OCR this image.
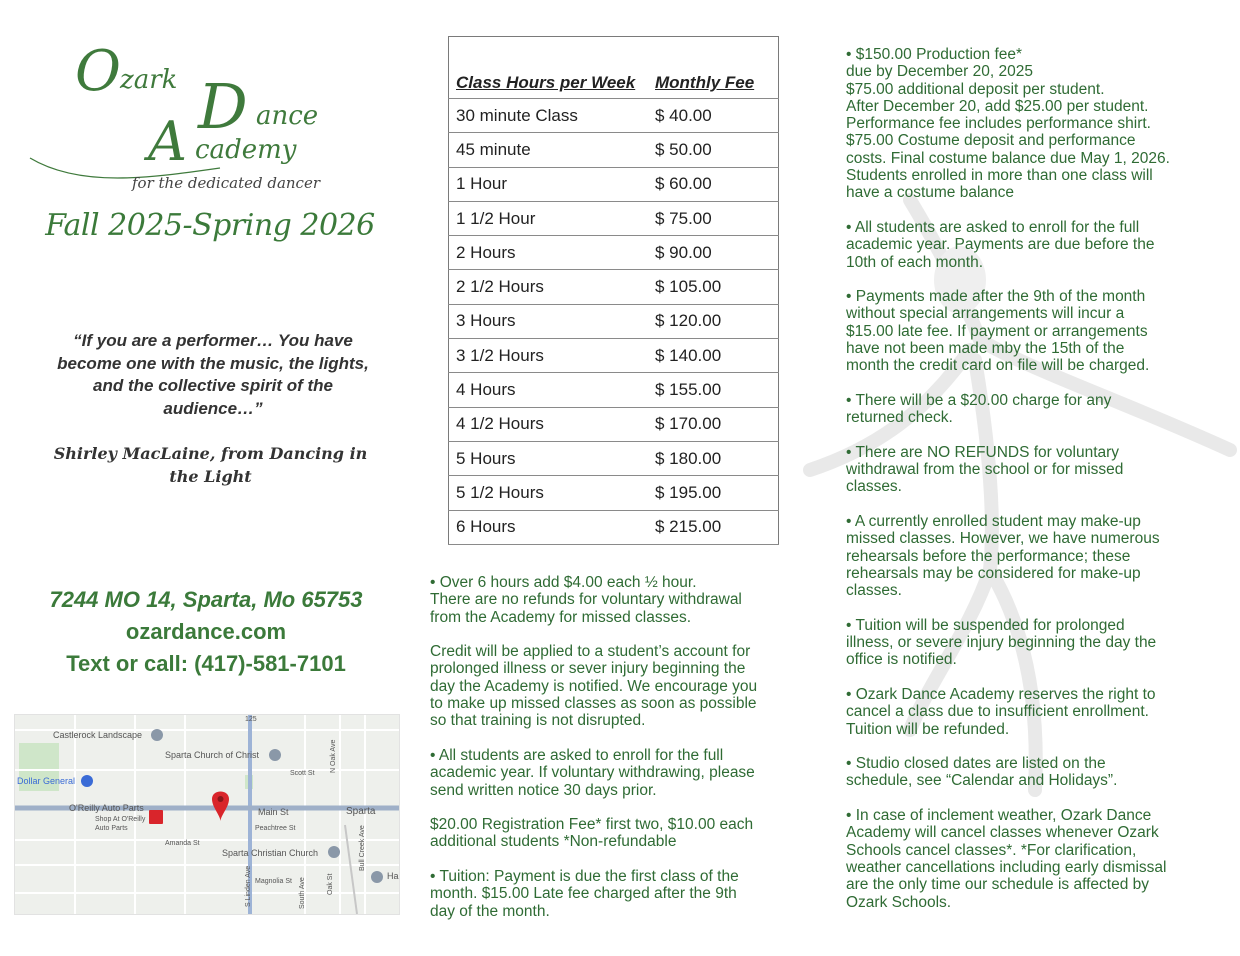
O zark D ance
A cademy
for the dedicated dancer
Fall 2025-Spring 2026
“If you are a performer… You have become one with the music, the lights, and the collective spirit of the audience…”
Shirley MacLaine, from Dancing in the Light
7244 MO 14, Sparta, Mo 65753
ozardance.com
Text or call: (417)-581-7101
Castlerock Landscape
Sparta Church of Christ
Dollar General
O'Reilly Auto Parts
Shop At O'Reilly Auto Parts
Scott St
N Oak Ave
Main St	Sparta
Peachtree St
Amanda St
Sparta Christian Church
Magnolia St
S Linden Ave	South Ave	Oak St
Bull Creek Ave
125
Ha
Class Hours per Week	Monthly Fee
30 minute Class	$ 40.00
45 minute	$ 50.00
1 Hour	$ 60.00
1 1/2 Hour	$ 75.00
2 Hours	$ 90.00
2 1/2 Hours	$ 105.00
3 Hours	$ 120.00
3 1/2 Hours	$ 140.00
4 Hours	$ 155.00
4 1/2 Hours	$ 170.00
5 Hours	$ 180.00
5 1/2 Hours	$ 195.00
6 Hours	$ 215.00
• Over 6 hours add $4.00 each ½ hour.
There are no refunds for voluntary withdrawal
from the Academy for missed classes.
Credit will be applied to a student’s account for
prolonged illness or sever injury beginning the
day the Academy is notified. We encourage you
to make up missed classes as soon as possible
so that training is not disrupted.
• All students are asked to enroll for the full
academic year. If voluntary withdrawing, please
send written notice 30 days prior.
$20.00 Registration Fee* first two, $10.00 each
additional students *Non-refundable
• Tuition: Payment is due the first class of the
month. $15.00 Late fee charged after the 9th
day of the month.
• $150.00 Production fee*
due by December 20, 2025
$75.00 additional deposit per student.
After December 20, add $25.00 per student.
Performance fee includes performance shirt.
$75.00 Costume deposit and performance
costs. Final costume balance due May 1, 2026.
Students enrolled in more than one class will
have a costume balance
• All students are asked to enroll for the full
academic year. Payments are due before the
10th of each month.
• Payments made after the 9th of the month
without special arrangements will incur a
$15.00 late fee. If payment or arrangements
have not been made mby the 15th of the
month the credit card on file will be charged.
• There will be a $20.00 charge for any
returned check.
• There are NO REFUNDS for voluntary
withdrawal from the school or for missed
classes.
• A currently enrolled student may make-up
missed classes. However, we have numerous
rehearsals before the performance; these
rehearsals may be considered for make-up
classes.
• Tuition will be suspended for prolonged
illness, or severe injury beginning the day the
office is notified.
• Ozark Dance Academy reserves the right to
cancel a class due to insufficient enrollment.
Tuition will be refunded.
• Studio closed dates are listed on the
schedule, see “Calendar and Holidays”.
• In case of inclement weather, Ozark Dance
Academy will cancel classes whenever Ozark
Schools cancel classes*. *For clarification,
weather cancellations including early dismissal
are the only time our schedule is affected by
Ozark Schools.
